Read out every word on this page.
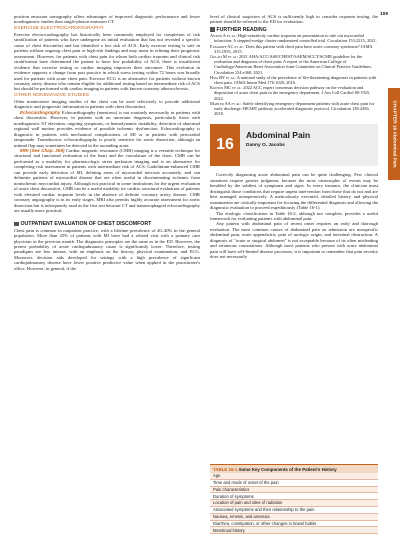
109
CHAPTER 16 Abdominal Pain

positron emission tomography offers advantages of improved diagnostic performance and fewer nondiagnostic studies than single-photon emission CT.

EXERCISE ELECTROCARDIOGRAPHY

Exercise electrocardiography has historically been commonly employed for completion of risk stratification of patients who have undergone an initial evaluation that has not revealed a specific cause of chest discomfort and has identified a low risk of ACS. Early exercise testing is safe in patients without ongoing chest pain or high-risk findings and may assist in refining their prognostic assessment. However, for patients with chest pain for whom both cardiac troponin and clinical risk stratification have determined the patient to have low probability of ACS, there is insufficient evidence that exercise testing or cardiac imaging improves their outcomes. This evolution in evidence supports a change from past practice in which stress testing within 72 hours was broadly used for patients with acute chest pain. Exercise ECG is an alternative for patients without known coronary artery disease who remain eligible for additional testing based on intermediate risk of ACS but should be performed with cardiac imaging in patients with known coronary atherosclerosis.

OTHER NONINVASIVE STUDIES

Other noninvasive imaging studies of the chest can be used selectively to provide additional diagnostic and prognostic information in patients with chest discomfort.

Echocardiography Echocardiography (nonstress) is not routinely necessarily in patients with chest discomfort. However, in patients with an uncertain diagnosis, particularly those with nondiagnostic ST elevation, ongoing symptoms, or hemodynamic instability, detection of abnormal regional wall motion provides evidence of possible ischemic dysfunction. Echocardiography is diagnostic in patients with mechanical complications of MI or in patients with pericardial tamponade. Transthoracic echocardiography is poorly sensitive for aortic dissection, although an intimal flap may sometimes be detected in the ascending aorta.

MRI (See Chap. 269) Cardiac magnetic resonance (CMR) imaging is a versatile technique for structural and functional evaluation of the heart and the vasculature of the chest. CMR can be performed as a modality for pharmacologic stress perfusion imaging and is an alternative for completing risk assessment in patients with intermediate risk of ACS. Gadolinium-enhanced CMR can provide early detection of MI, defining areas of myocardial necrosis accurately, and can delineate patterns of myocardial disease that are often useful in discriminating ischemic from nonischemic myocardial injury. Although not practical in some institutions for the urgent evaluation of acute chest discomfort, CMR can be a useful modality for cardiac structural evaluation of patients with elevated cardiac troponin levels in the absence of definite coronary artery disease. CMR coronary angiography is in its early stages. MRI also permits highly accurate assessment for aortic dissection but is infrequently used as the first test because CT and transesophageal echocardiography are usually more practical.

OUTPATIENT EVALUATION OF CHEST DISCOMFORT

Chest pain is common in outpatient practice, with a lifetime prevalence of 20–40% in the general population. More than 25% of patients with MI have had a related visit with a primary care physician in the previous month. The diagnostic principles are the same as in the ED. However, the pretest probability of acute cardiopulmonary cause is significantly lower. Therefore, testing paradigms are less intense, with an emphasis on the history, physical examination, and ECG. Moreover, decision aids developed for settings with a high prevalence of significant cardiopulmonary disease have lower positive predictive value when applied in the practitioner's office. However, in general, if the

level of clinical suspicion of ACS is sufficiently high to consider troponin testing, the patient should be referred to the ED for evaluation.

FURTHER READING

Anand A et al: High-sensitivity cardiac troponin on presentation to rule out myocardial infarction: A stepped-wedge cluster randomized controlled trial. Circulation 153:2215, 2021.

Fanaroff AC et al: Does this patient with chest pain have acute coronary syndrome? JAMA 315:1955, 2015.

Gulati M et al: 2021 AHA/ACC/ASE/CHEST/SAEM/SCCT/SCMR guideline for the evaluation and diagnosis of chest pain: A report of the American College of Cardiology/American Heart Association Joint Committee on Clinical Practice Guidelines. Circulation 154:e368, 2021.

Hsia RY et al: A national study of the prevalence of life-threatening diagnoses in patients with chest pain. JAMA Intern Med 176:1029, 2016.

Kontos MC et al: 2022 ACC expert consensus decision pathway on the evaluation and disposition of acute chest pain in the emergency department. J Am Coll Cardiol 80:1925, 2022.

Mahler SA et al: Safely identifying emergency department patients with acute chest pain for early discharge: HEART pathway accelerated diagnostic protocol. Circulation 138:2456, 2018.

16
Abdominal Pain
Danny O. Jacobs

Correctly diagnosing acute abdominal pain can be quite challenging. Few clinical situations require greater judgment, because the most catastrophic of events may be heralded by the subtlest of symptoms and signs. In every instance, the clinician must distinguish those conditions that require urgent intervention from those that do not and are best managed nonoperatively. A meticulously executed, detailed history and physical examination are critically important for focusing the differential diagnosis and allowing the diagnostic evaluation to proceed expeditiously (Table 16-1).

The etiologic classification in Table 16-2, although not complete, provides a useful framework for evaluating patients with abdominal pain.

Any patient with abdominal pain of recent onset requires an early and thorough evaluation. The most common causes of abdominal pain on admission are nonspecific abdominal pain, acute appendicitis, pain of urologic origin, and intestinal obstruction. A diagnosis of "acute or surgical abdomen" is not acceptable because of its often misleading and erroneous connotations. Although most patients who present with acute abdominal pain will have self-limited disease processes, it is important to remember that pain severity does not necessarily

TABLE 16-1 Some Key Components of the Patient's History
Age
Time and mode of onset of the pain
Pain characteristics
Duration of symptoms
Location of pain and sites of radiation
Associated symptoms and their relationship to the pain
Nausea, emesis, and anorexia
Diarrhea, constipation, or other changes in bowel habits
Menstrual history
